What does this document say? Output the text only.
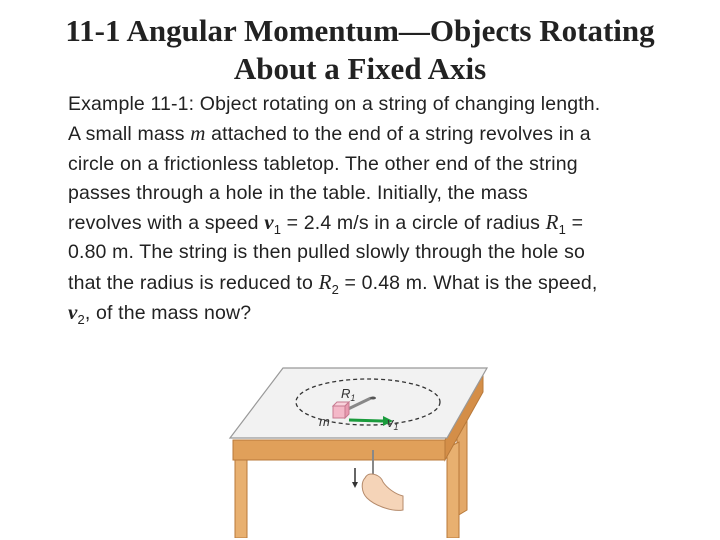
11-1 Angular Momentum—Objects Rotating
About a Fixed Axis
Example 11-1: Object rotating on a string of changing length.
A small mass m attached to the end of a string revolves in a
circle on a frictionless tabletop. The other end of the string
passes through a hole in the table. Initially, the mass
revolves with a speed $v_1 = 2.4$ m/s in a circle of radius $R_1$ =
0.80 m. The string is then pulled slowly through the hole so
that the radius is reduced to $R_2 = 0.48$ m. What is the speed,
$v_2$, of the mass now?
$R_1$
m	$v_1$
